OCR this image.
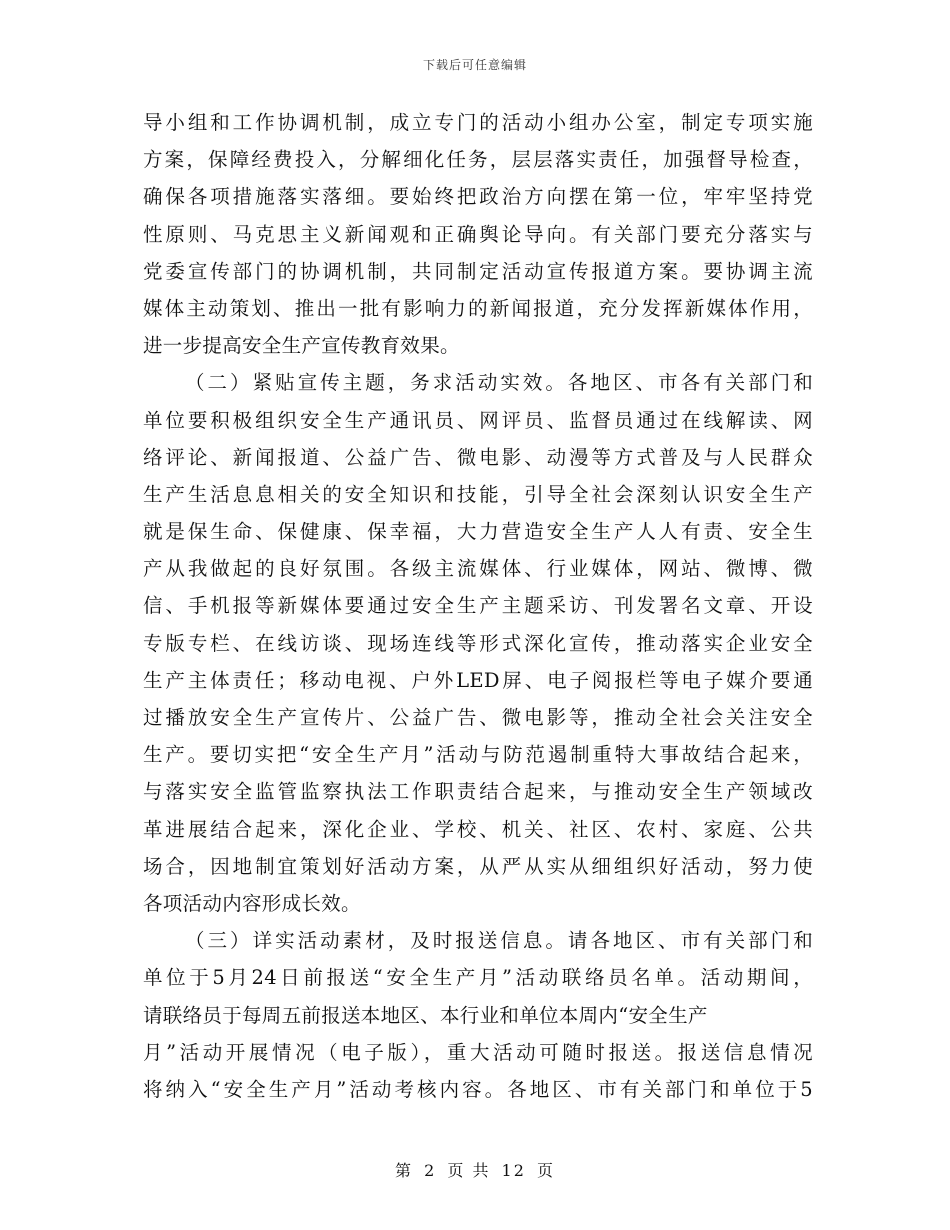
下载后可任意编辑
导小组和工作协调机制，成立专门的活动小组办公室，制定专项实施
方案，保障经费投入，分解细化任务，层层落实责任，加强督导检查，
确保各项措施落实落细。要始终把政治方向摆在第一位，牢牢坚持党
性原则、马克思主义新闻观和正确舆论导向。有关部门要充分落实与
党委宣传部门的协调机制，共同制定活动宣传报道方案。要协调主流
媒体主动策划、推出一批有影响力的新闻报道，充分发挥新媒体作用，
进一步提高安全生产宣传教育效果。
（二）紧贴宣传主题，务求活动实效。各地区、市各有关部门和
单位要积极组织安全生产通讯员、网评员、监督员通过在线解读、网
络评论、新闻报道、公益广告、微电影、动漫等方式普及与人民群众
生产生活息息相关的安全知识和技能，引导全社会深刻认识安全生产
就是保生命、保健康、保幸福，大力营造安全生产人人有责、安全生
产从我做起的良好氛围。各级主流媒体、行业媒体，网站、微博、微
信、手机报等新媒体要通过安全生产主题采访、刊发署名文章、开设
专版专栏、在线访谈、现场连线等形式深化宣传，推动落实企业安全
生产主体责任；移动电视、户外LED屏、电子阅报栏等电子媒介要通
过播放安全生产宣传片、公益广告、微电影等，推动全社会关注安全
生产。要切实把“安全生产月”活动与防范遏制重特大事故结合起来，
与落实安全监管监察执法工作职责结合起来，与推动安全生产领域改
革进展结合起来，深化企业、学校、机关、社区、农村、家庭、公共
场合，因地制宜策划好活动方案，从严从实从细组织好活动，努力使
各项活动内容形成长效。
（三）详实活动素材，及时报送信息。请各地区、市有关部门和
单位于5月24日前报送“安全生产月”活动联络员名单。活动期间，
请联络员于每周五前报送本地区、本行业和单位本周内“安全生产
月”活动开展情况（电子版），重大活动可随时报送。报送信息情况
将纳入“安全生产月”活动考核内容。各地区、市有关部门和单位于5
第 2 页 共 12 页
